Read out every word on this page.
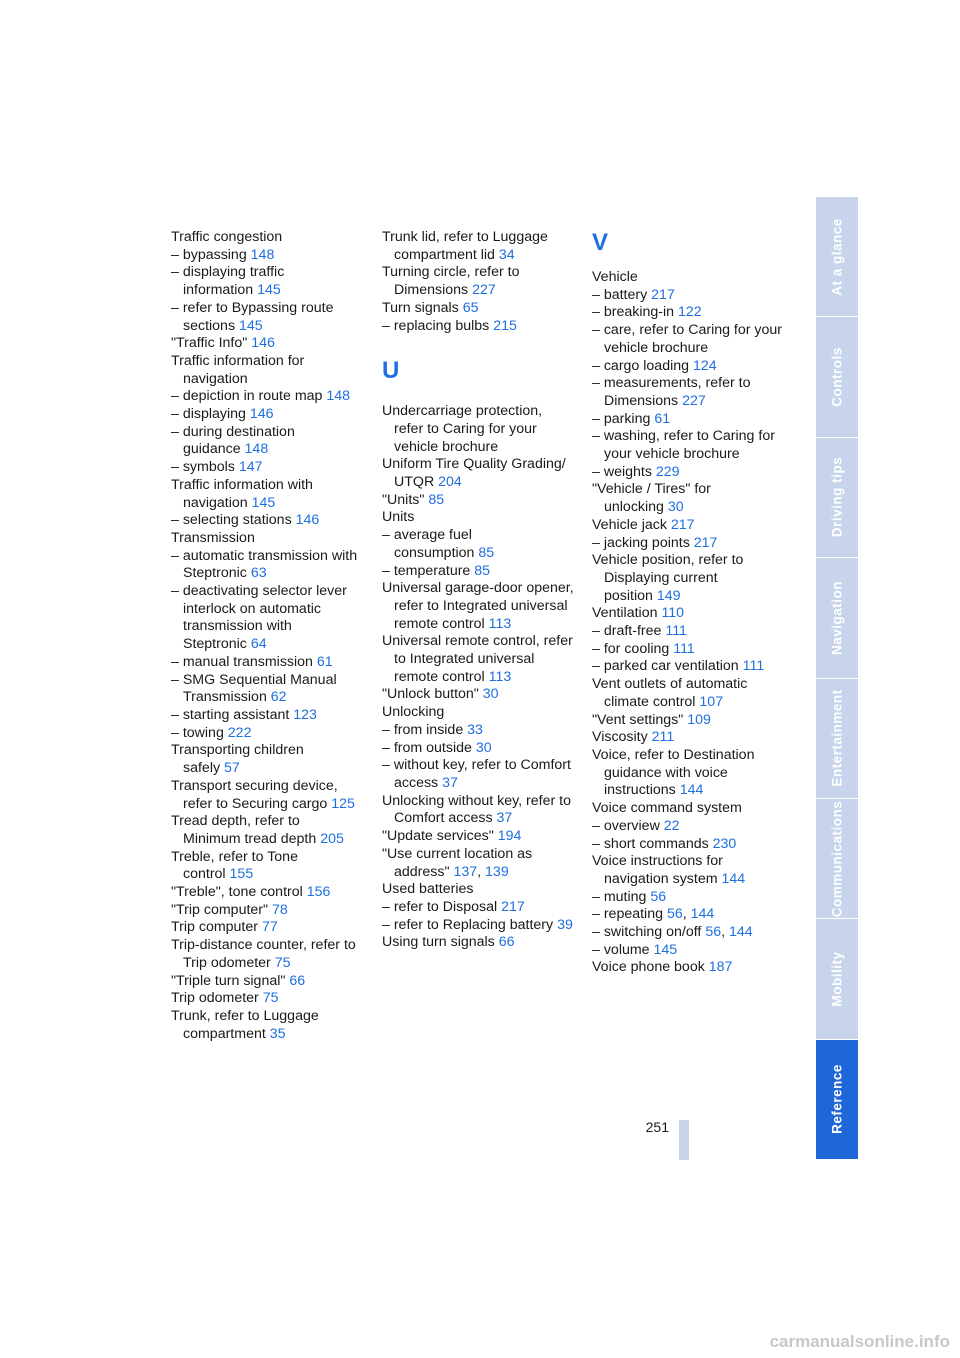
Traffic congestion
– bypassing 148
– displaying traffic information 145
– refer to Bypassing route sections 145
"Traffic Info" 146
Traffic information for navigation
– depiction in route map 148
– displaying 146
– during destination guidance 148
– symbols 147
Traffic information with navigation 145
– selecting stations 146
Transmission
– automatic transmission with Steptronic 63
– deactivating selector lever interlock on automatic transmission with Steptronic 64
– manual transmission 61
– SMG Sequential Manual Transmission 62
– starting assistant 123
– towing 222
Transporting children safely 57
Transport securing device, refer to Securing cargo 125
Tread depth, refer to Minimum tread depth 205
Treble, refer to Tone control 155
"Treble", tone control 156
"Trip computer" 78
Trip computer 77
Trip-distance counter, refer to Trip odometer 75
"Triple turn signal" 66
Trip odometer 75
Trunk, refer to Luggage compartment 35
Trunk lid, refer to Luggage compartment lid 34
Turning circle, refer to Dimensions 227
Turn signals 65
– replacing bulbs 215
U
Undercarriage protection, refer to Caring for your vehicle brochure
Uniform Tire Quality Grading/ UTQR 204
"Units" 85
Units
– average fuel consumption 85
– temperature 85
Universal garage-door opener, refer to Integrated universal remote control 113
Universal remote control, refer to Integrated universal remote control 113
"Unlock button" 30
Unlocking
– from inside 33
– from outside 30
– without key, refer to Comfort access 37
Unlocking without key, refer to Comfort access 37
"Update services" 194
"Use current location as address" 137, 139
Used batteries
– refer to Disposal 217
– refer to Replacing battery 39
Using turn signals 66
V
Vehicle
– battery 217
– breaking-in 122
– care, refer to Caring for your vehicle brochure
– cargo loading 124
– measurements, refer to Dimensions 227
– parking 61
– washing, refer to Caring for your vehicle brochure
– weights 229
"Vehicle / Tires" for unlocking 30
Vehicle jack 217
– jacking points 217
Vehicle position, refer to Displaying current position 149
Ventilation 110
– draft-free 111
– for cooling 111
– parked car ventilation 111
Vent outlets of automatic climate control 107
"Vent settings" 109
Viscosity 211
Voice, refer to Destination guidance with voice instructions 144
Voice command system
– overview 22
– short commands 230
Voice instructions for navigation system 144
– muting 56
– repeating 56, 144
– switching on/off 56, 144
– volume 145
Voice phone book 187
At a glance
Controls
Driving tips
Navigation
Entertainment
Communications
Mobility
Reference
251
carmanualsonline.info
